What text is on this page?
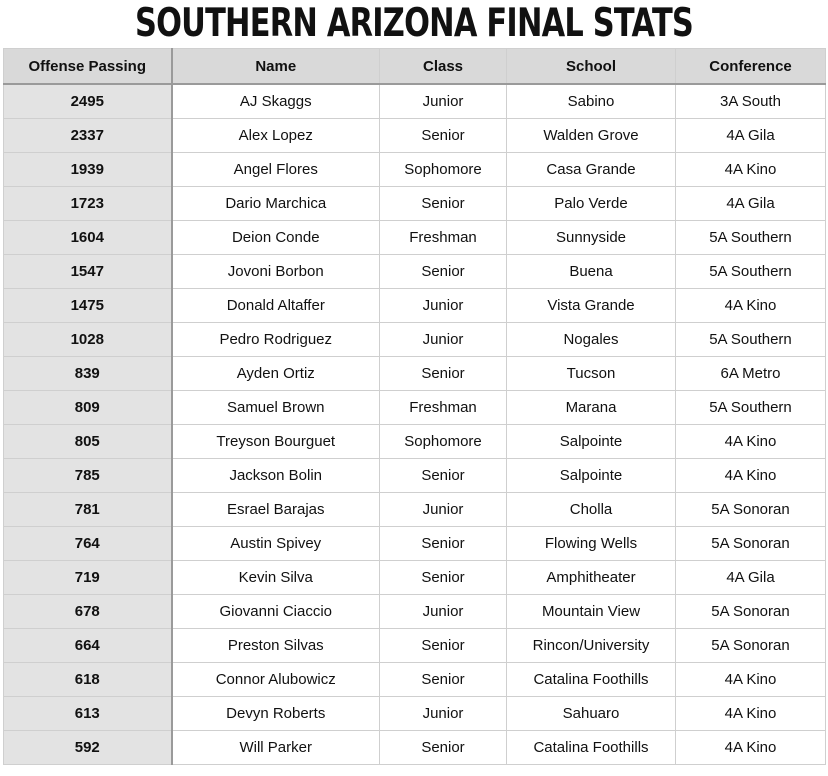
SOUTHERN ARIZONA FINAL STATS
Offense Passing	Name	Class	School	Conference
2495	AJ Skaggs	Junior	Sabino	3A South
2337	Alex Lopez	Senior	Walden Grove	4A Gila
1939	Angel Flores	Sophomore	Casa Grande	4A Kino
1723	Dario Marchica	Senior	Palo Verde	4A Gila
1604	Deion Conde	Freshman	Sunnyside	5A Southern
1547	Jovoni Borbon	Senior	Buena	5A Southern
1475	Donald Altaffer	Junior	Vista Grande	4A Kino
1028	Pedro Rodriguez	Junior	Nogales	5A Southern
839	Ayden Ortiz	Senior	Tucson	6A Metro
809	Samuel Brown	Freshman	Marana	5A Southern
805	Treyson Bourguet	Sophomore	Salpointe	4A Kino
785	Jackson Bolin	Senior	Salpointe	4A Kino
781	Esrael Barajas	Junior	Cholla	5A Sonoran
764	Austin Spivey	Senior	Flowing Wells	5A Sonoran
719	Kevin Silva	Senior	Amphitheater	4A Gila
678	Giovanni Ciaccio	Junior	Mountain View	5A Sonoran
664	Preston Silvas	Senior	Rincon/University	5A Sonoran
618	Connor Alubowicz	Senior	Catalina Foothills	4A Kino
613	Devyn Roberts	Junior	Sahuaro	4A Kino
592	Will Parker	Senior	Catalina Foothills	4A Kino
